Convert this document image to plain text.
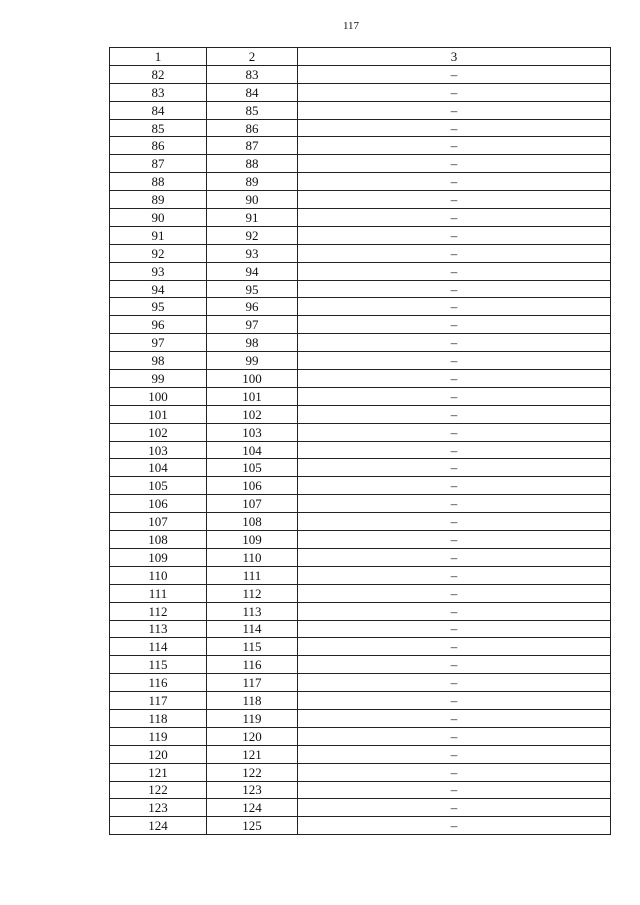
117
1	2	3
82	83	–
83	84	–
84	85	–
85	86	–
86	87	–
87	88	–
88	89	–
89	90	–
90	91	–
91	92	–
92	93	–
93	94	–
94	95	–
95	96	–
96	97	–
97	98	–
98	99	–
99	100	–
100	101	–
101	102	–
102	103	–
103	104	–
104	105	–
105	106	–
106	107	–
107	108	–
108	109	–
109	110	–
110	111	–
111	112	–
112	113	–
113	114	–
114	115	–
115	116	–
116	117	–
117	118	–
118	119	–
119	120	–
120	121	–
121	122	–
122	123	–
123	124	–
124	125	–
